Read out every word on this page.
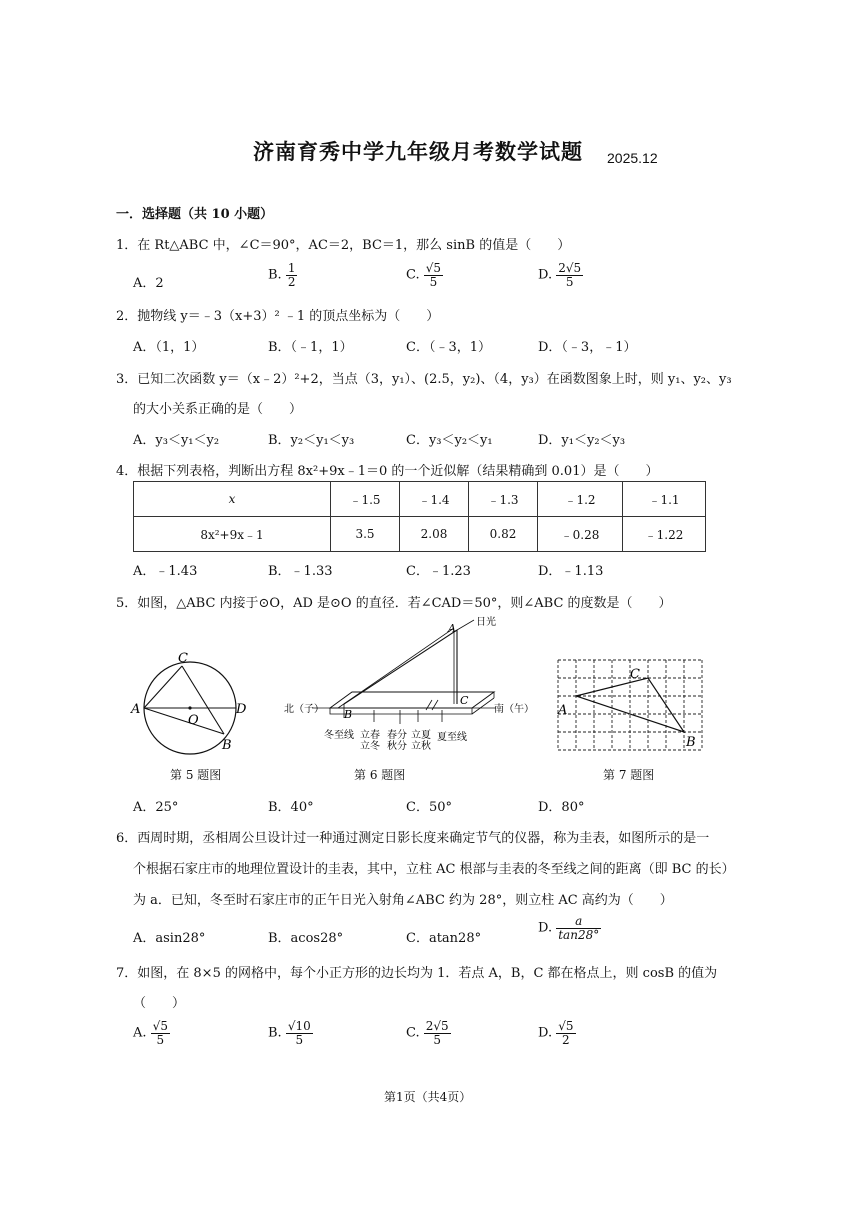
济南育秀中学九年级月考数学试题 2025.12
一．选择题（共 10 小题）
1．在 Rt△ABC 中，∠C＝90°，AC＝2，BC＝1，那么 sinB 的值是（　　）
A．2
B. $\frac{1}{2}$	C. $\frac{√5}{5}$	D. $\frac{2√5}{5}$
2．抛物线 y＝﹣3（x+3）² ﹣1 的顶点坐标为（　　）
A．（1，1）	B．（﹣1，1）	C．（﹣3，1）	D．（﹣3，﹣1）
3．已知二次函数 y＝（x﹣2）²+2，当点（3，y₁）、(2.5，y₂)、（4，y₃）在函数图象上时，则 y₁、y₂、y₃
的大小关系正确的是（　　）
A．y₃＜y₁＜y₂	B．y₂＜y₁＜y₃	C．y₃＜y₂＜y₁	D．y₁＜y₂＜y₃
4．根据下列表格，判断出方程 8x²+9x﹣1＝0 的一个近似解（结果精确到 0.01）是（　　）
x	﹣1.5	﹣1.4	﹣1.3	﹣1.2	﹣1.1
8x²+9x﹣1	3.5	2.08	0.82	﹣0.28	﹣1.22
A．﹣1.43	B．﹣1.33	C．﹣1.23	D．﹣1.13
5．如图，△ABC 内接于⊙O，AD 是⊙O 的直径．若∠CAD＝50°，则∠ABC 的度数是（　　）
A
B
C
D
O
第 5 题图
日光
北（子）	南（午）
A
B
C
冬至线 立春
立冬
春分
秋分
立夏
立秋
夏至线
第 6 题图
A
B
C
第 7 题图
A．25°	B．40°	C．50°	D．80°
6．西周时期，丞相周公旦设计过一种通过测定日影长度来确定节气的仪器，称为圭表，如图所示的是一
个根据石家庄市的地理位置设计的圭表，其中，立柱 AC 根部与圭表的冬至线之间的距离（即 BC 的长）
为 a．已知，冬至时石家庄市的正午日光入射角∠ABC 约为 28°，则立柱 AC 高约为（　　）
A．asin28°	B．acos28°	C．atan28°
D. $\frac{a}{\tan 28^\circ}$
7．如图，在 8×5 的网格中，每个小正方形的边长均为 1．若点 A，B，C 都在格点上，则 cosB 的值为
（　　）
A. $\frac{√5}{5}$	B. $\frac{√10}{5}$	C. $\frac{2√5}{5}$	D. $\frac{√5}{2}$
第1页（共4页）
